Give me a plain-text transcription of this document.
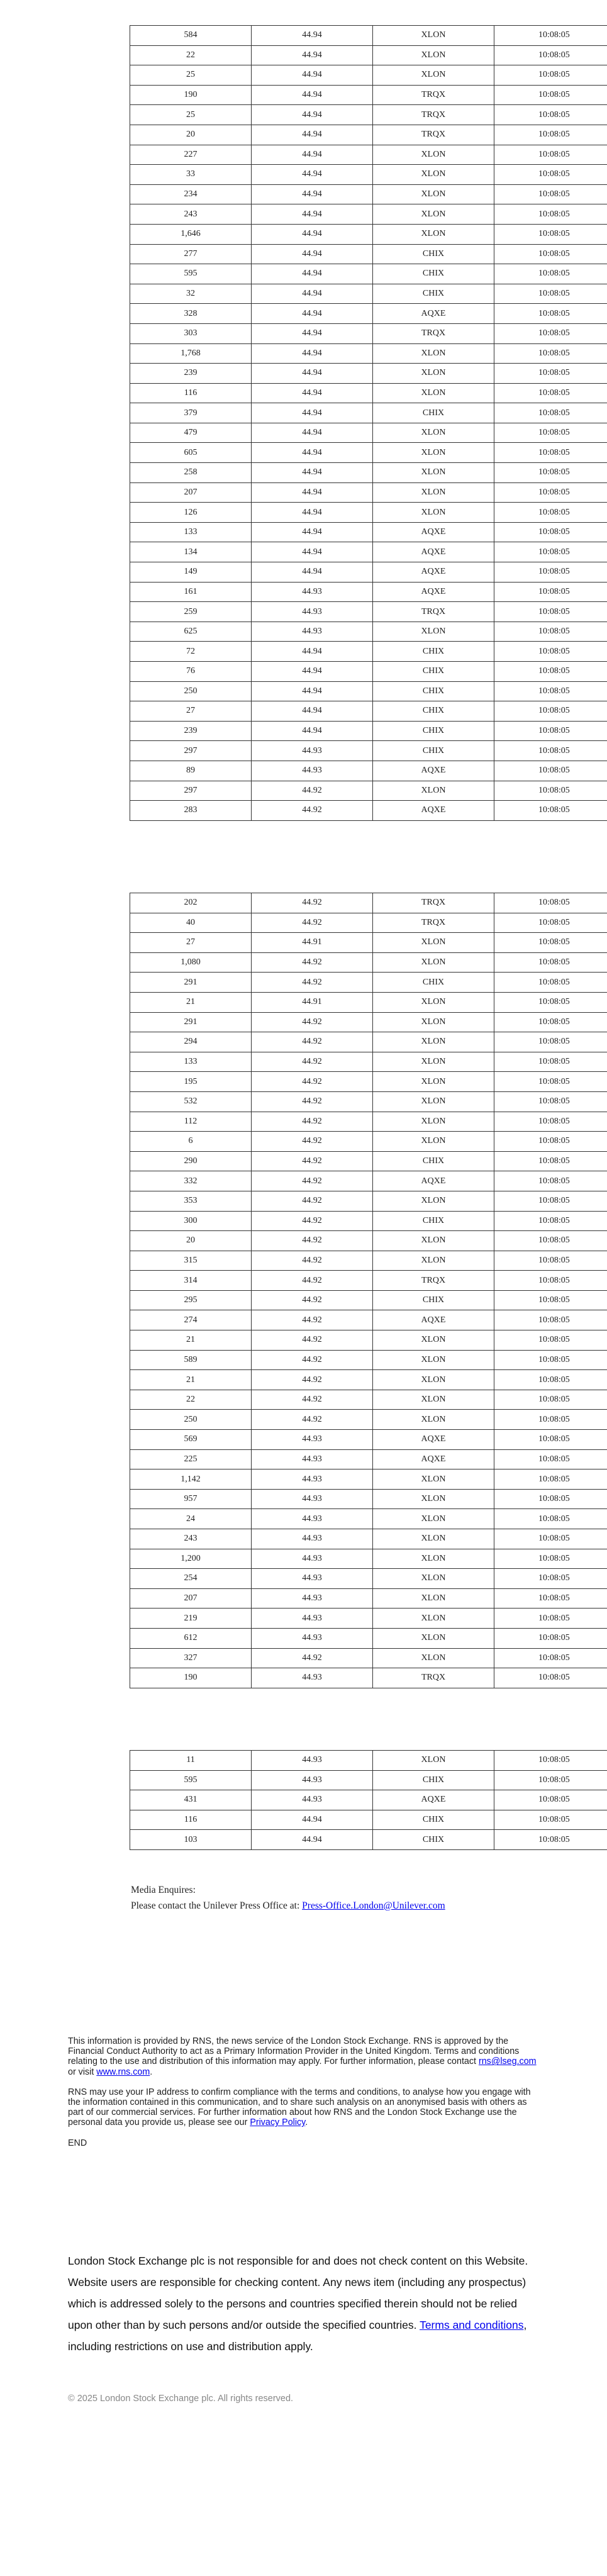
584	44.94	XLON	10:08:05
22	44.94	XLON	10:08:05
25	44.94	XLON	10:08:05
190	44.94	TRQX	10:08:05
25	44.94	TRQX	10:08:05
20	44.94	TRQX	10:08:05
227	44.94	XLON	10:08:05
33	44.94	XLON	10:08:05
234	44.94	XLON	10:08:05
243	44.94	XLON	10:08:05
1,646	44.94	XLON	10:08:05
277	44.94	CHIX	10:08:05
595	44.94	CHIX	10:08:05
32	44.94	CHIX	10:08:05
328	44.94	AQXE	10:08:05
303	44.94	TRQX	10:08:05
1,768	44.94	XLON	10:08:05
239	44.94	XLON	10:08:05
116	44.94	XLON	10:08:05
379	44.94	CHIX	10:08:05
479	44.94	XLON	10:08:05
605	44.94	XLON	10:08:05
258	44.94	XLON	10:08:05
207	44.94	XLON	10:08:05
126	44.94	XLON	10:08:05
133	44.94	AQXE	10:08:05
134	44.94	AQXE	10:08:05
149	44.94	AQXE	10:08:05
161	44.93	AQXE	10:08:05
259	44.93	TRQX	10:08:05
625	44.93	XLON	10:08:05
72	44.94	CHIX	10:08:05
76	44.94	CHIX	10:08:05
250	44.94	CHIX	10:08:05
27	44.94	CHIX	10:08:05
239	44.94	CHIX	10:08:05
297	44.93	CHIX	10:08:05
89	44.93	AQXE	10:08:05
297	44.92	XLON	10:08:05
283	44.92	AQXE	10:08:05
202	44.92	TRQX	10:08:05
40	44.92	TRQX	10:08:05
27	44.91	XLON	10:08:05
1,080	44.92	XLON	10:08:05
291	44.92	CHIX	10:08:05
21	44.91	XLON	10:08:05
291	44.92	XLON	10:08:05
294	44.92	XLON	10:08:05
133	44.92	XLON	10:08:05
195	44.92	XLON	10:08:05
532	44.92	XLON	10:08:05
112	44.92	XLON	10:08:05
6	44.92	XLON	10:08:05
290	44.92	CHIX	10:08:05
332	44.92	AQXE	10:08:05
353	44.92	XLON	10:08:05
300	44.92	CHIX	10:08:05
20	44.92	XLON	10:08:05
315	44.92	XLON	10:08:05
314	44.92	TRQX	10:08:05
295	44.92	CHIX	10:08:05
274	44.92	AQXE	10:08:05
21	44.92	XLON	10:08:05
589	44.92	XLON	10:08:05
21	44.92	XLON	10:08:05
22	44.92	XLON	10:08:05
250	44.92	XLON	10:08:05
569	44.93	AQXE	10:08:05
225	44.93	AQXE	10:08:05
1,142	44.93	XLON	10:08:05
957	44.93	XLON	10:08:05
24	44.93	XLON	10:08:05
243	44.93	XLON	10:08:05
1,200	44.93	XLON	10:08:05
254	44.93	XLON	10:08:05
207	44.93	XLON	10:08:05
219	44.93	XLON	10:08:05
612	44.93	XLON	10:08:05
327	44.92	XLON	10:08:05
190	44.93	TRQX	10:08:05
11	44.93	XLON	10:08:05
595	44.93	CHIX	10:08:05
431	44.93	AQXE	10:08:05
116	44.94	CHIX	10:08:05
103	44.94	CHIX	10:08:05
Media Enquires:
Please contact the Unilever Press Office at: Press-Office.London@Unilever.com

This information is provided by RNS, the news service of the London Stock Exchange. RNS is approved by the Financial Conduct Authority to act as a Primary Information Provider in the United Kingdom. Terms and conditions relating to the use and distribution of this information may apply. For further information, please contact rns@lseg.com or visit www.rns.com.

RNS may use your IP address to confirm compliance with the terms and conditions, to analyse how you engage with the information contained in this communication, and to share such analysis on an anonymised basis with others as part of our commercial services. For further information about how RNS and the London Stock Exchange use the personal data you provide us, please see our Privacy Policy.

END

London Stock Exchange plc is not responsible for and does not check content on this Website. Website users are responsible for checking content. Any news item (including any prospectus) which is addressed solely to the persons and countries specified therein should not be relied upon other than by such persons and/or outside the specified countries. Terms and conditions, including restrictions on use and distribution apply.
© 2025 London Stock Exchange plc. All rights reserved.
